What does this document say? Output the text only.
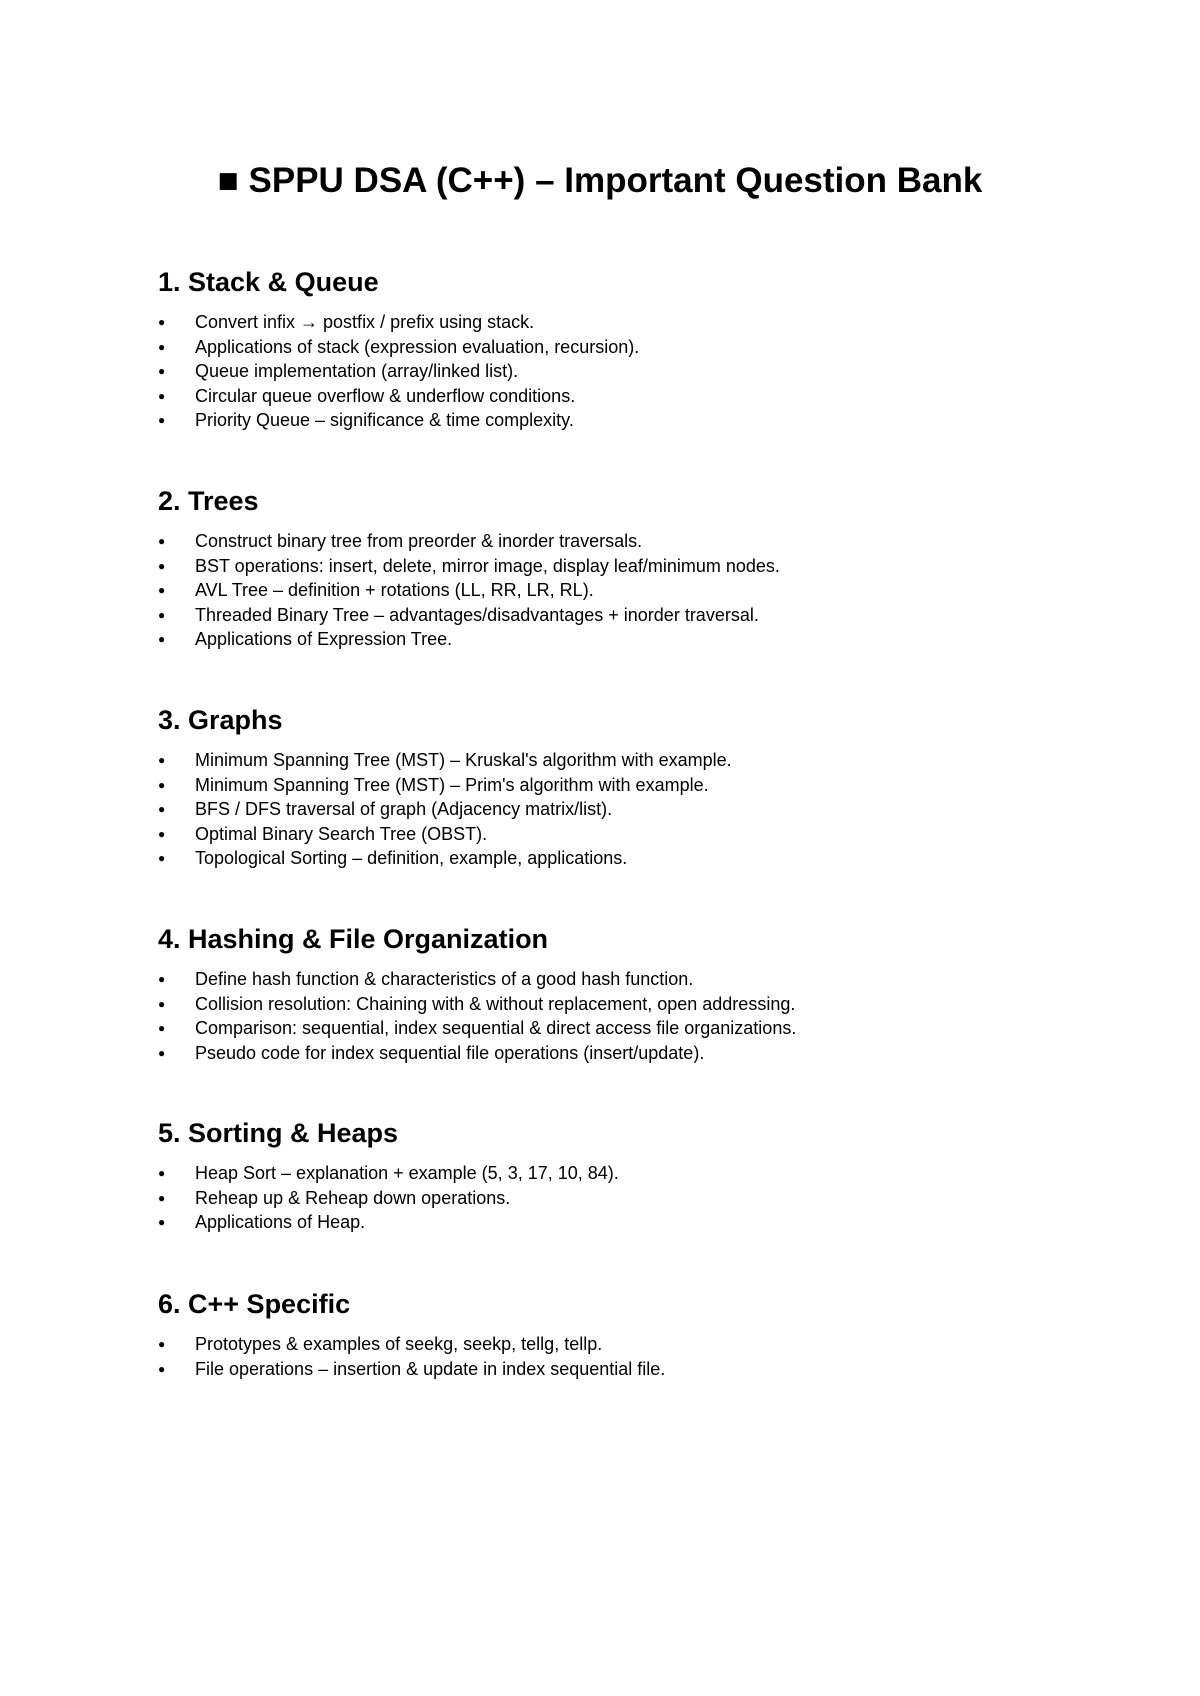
■ SPPU DSA (C++) – Important Question Bank
1. Stack & Queue
● Convert infix → postfix / prefix using stack.
● Applications of stack (expression evaluation, recursion).
● Queue implementation (array/linked list).
● Circular queue overflow & underflow conditions.
● Priority Queue – significance & time complexity.
2. Trees
● Construct binary tree from preorder & inorder traversals.
● BST operations: insert, delete, mirror image, display leaf/minimum nodes.
● AVL Tree – definition + rotations (LL, RR, LR, RL).
● Threaded Binary Tree – advantages/disadvantages + inorder traversal.
● Applications of Expression Tree.
3. Graphs
● Minimum Spanning Tree (MST) – Kruskal's algorithm with example.
● Minimum Spanning Tree (MST) – Prim's algorithm with example.
● BFS / DFS traversal of graph (Adjacency matrix/list).
● Optimal Binary Search Tree (OBST).
● Topological Sorting – definition, example, applications.
4. Hashing & File Organization
● Define hash function & characteristics of a good hash function.
● Collision resolution: Chaining with & without replacement, open addressing.
● Comparison: sequential, index sequential & direct access file organizations.
● Pseudo code for index sequential file operations (insert/update).
5. Sorting & Heaps
● Heap Sort – explanation + example (5, 3, 17, 10, 84).
● Reheap up & Reheap down operations.
● Applications of Heap.
6. C++ Specific
● Prototypes & examples of seekg, seekp, tellg, tellp.
● File operations – insertion & update in index sequential file.
